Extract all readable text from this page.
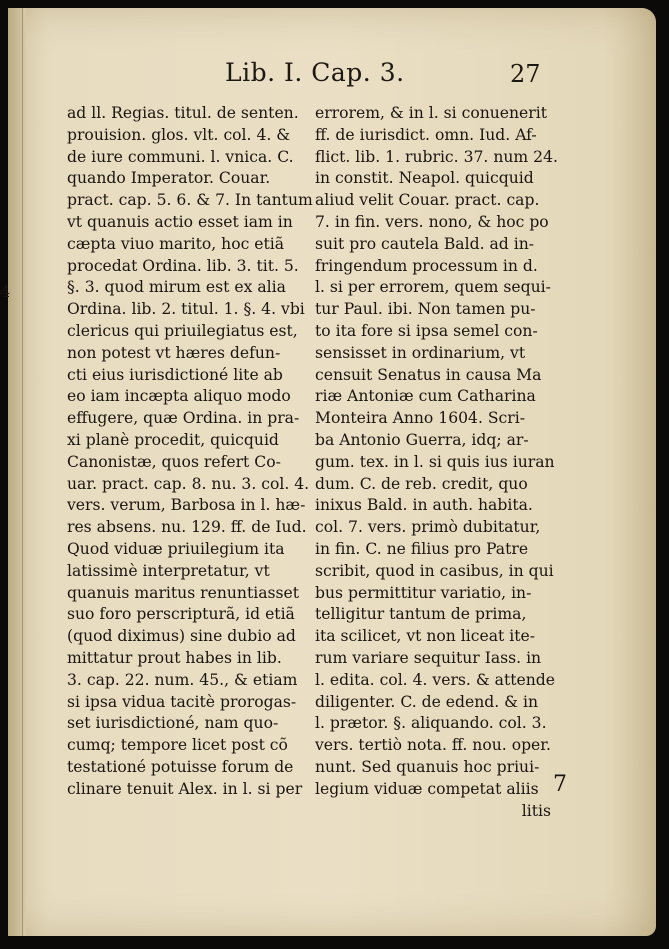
Lib. I. Cap. 3.	27
4
ad ll. Regias. titul. de senten.
prouision. glos. vlt. col. 4. &
de iure communi. l. vnica. C.
quando Imperator. Couar.
pract. cap. 5. 6. & 7. In tantum
vt quanuis actio esset iam in
cæpta viuo marito, hoc etiã
procedat Ordina. lib. 3. tit. 5.
§. 3. quod mirum est ex alia
Ordina. lib. 2. titul. 1. §. 4. vbi
clericus qui priuilegiatus est,
non potest vt hæres defun-
cti eius iurisdictioné lite ab
eo iam incæpta aliquo modo
effugere, quæ Ordina. in pra-
xi planè procedit, quicquid
Canonistæ, quos refert Co-
uar. pract. cap. 8. nu. 3. col. 4.
vers. verum, Barbosa in l. hæ-
res absens. nu. 129. ff. de Iud.
Quod viduæ priuilegium ita
latissimè interpretatur, vt
quanuis maritus renuntiasset
suo foro perscripturã, id etiã
(quod diximus) sine dubio ad
mittatur prout habes in lib.
3. cap. 22. num. 45., & etiam
si ipsa vidua tacitè prorogas-
set iurisdictioné, nam quo-
cumq; tempore licet post cõ
testationé potuisse forum de
clinare tenuit Alex. in l. si per
errorem, & in l. si conuenerit
ff. de iurisdict. omn. Iud. Af-
flict. lib. 1. rubric. 37. num 24.
in constit. Neapol. quicquid
aliud velit Couar. pract. cap.
7. in fin. vers. nono, & hoc po
suit pro cautela Bald. ad in-
fringendum processum in d.
l. si per errorem, quem sequi-
tur Paul. ibi. Non tamen pu-
to ita fore si ipsa semel con-
sensisset in ordinarium, vt
censuit Senatus in causa Ma
riæ Antoniæ cum Catharina
Monteira Anno 1604. Scri-
ba Antonio Guerra, idq; ar-
gum. tex. in l. si quis ius iuran
dum. C. de reb. credit, quo
inixus Bald. in auth. habita.
col. 7. vers. primò dubitatur,
in fin. C. ne filius pro Patre
scribit, quod in casibus, in qui
bus permittitur variatio, in-
telligitur tantum de prima,
ita scilicet, vt non liceat ite-
rum variare sequitur Iass. in
l. edita. col. 4. vers. & attende
diligenter. C. de edend. & in
l. prætor. §. aliquando. col. 3.
vers. tertiò nota. ff. nou. oper.
nunt. Sed quanuis hoc priui-
legium viduæ competat aliis
litis
7
